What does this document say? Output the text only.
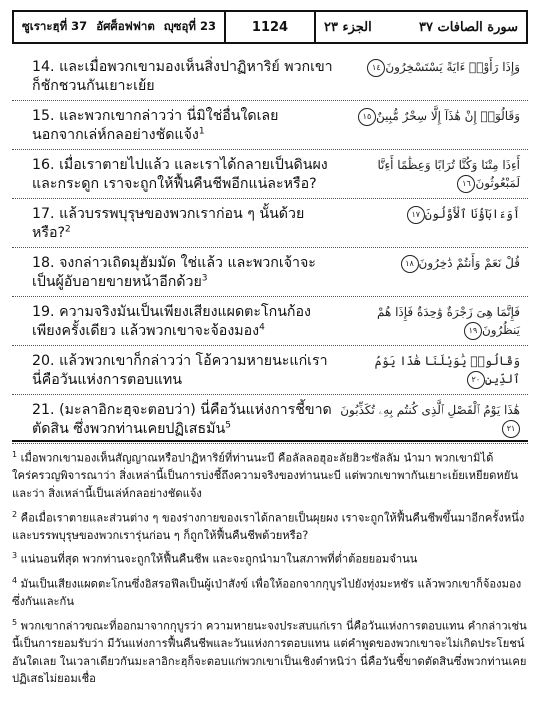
ซูเราะฮฺที่ 37 อัศศ็อฟฟาต ญุซอุที่ 23	1124	سورة الصافات ٣٧
الجزء ٢٣
14. และเมื่อพวกเขามองเห็นสิ่งปาฏิหาริย์ พวกเขาก็ชักชวนกันเยาะเย้ย
وَإِذَا رَأَوْا۟ ءَايَةً يَسْتَسْخِرُونَ١٤
15. และพวกเขากล่าวว่า นี่มิใช่อื่นใดเลย นอกจากเล่ห์กลอย่างชัดแจ้ง$^1$
وَقَالُوٓا۟ إِنْ هَٰذَآ إِلَّا سِحْرٌ مُّبِينٌ١٥
16. เมื่อเราตายไปแล้ว และเราได้กลายเป็นดินผงและกระดูก เราจะถูกให้ฟื้นคืนชีพอีกแน่ละหรือ?
أَءِذَا مِتْنَا وَكُنَّا تُرَابًا وَعِظَٰمًا أَءِنَّا لَمَبْعُوثُونَ١٦
17. แล้วบรรพบุรุษของพวกเราก่อน ๆ นั้นด้วยหรือ?$^2$
أَوَءَابَآؤُنَا ٱلْأَوَّلُونَ١٧
18. จงกล่าวเถิดมุฮัมมัด ใช่แล้ว และพวกเจ้าจะเป็นผู้อับอายขายหน้าอีกด้วย$^3$
قُلْ نَعَمْ وَأَنتُمْ دَٰخِرُونَ١٨
19. ความจริงมันเป็นเพียงเสียงแผดตะโกนก้องเพียงครั้งเดียว แล้วพวกเขาจะจ้องมอง$^4$
فَإِنَّمَا هِىَ زَجْرَةٌ وَٰحِدَةٌ فَإِذَا هُمْ يَنظُرُونَ١٩
20. แล้วพวกเขาก็กล่าวว่า โอ้ความหายนะแก่เรา นี่คือวันแห่งการตอบแทน
وَقَالُوا۟ يَٰوَيْلَنَا هَٰذَا يَوْمُ ٱلدِّينِ٢٠
21. (มะลาอิกะฮฺจะตอบว่า) นี่คือวันแห่งการชี้ขาดตัดสิน ซึ่งพวกท่านเคยปฏิเสธมัน$^5$
هَٰذَا يَوْمُ ٱلْفَصْلِ ٱلَّذِى كُنتُم بِهِۦ تُكَذِّبُونَ٢١

$^1$ เมื่อพวกเขามองเห็นสัญญาณหรือปาฏิหาริย์ที่ท่านนะบี คือลัลลอฮุอะลัยฮิวะซัลลัม นำมา พวกเขามิได้ใคร่ครวญพิจารณาว่า สิ่งเหล่านี้เป็นการบ่งชี้ถึงความจริงของท่านนะบี แต่พวกเขาพากันเยาะเย้ยเหยียดหยันและว่า สิ่งเหล่านี้เป็นเล่ห์กลอย่างชัดแจ้ง

$^2$ คือเมื่อเราตายและส่วนต่าง ๆ ของร่างกายของเราได้กลายเป็นผุยผง เราจะถูกให้ฟื้นคืนชีพขึ้นมาอีกครั้งหนึ่ง และบรรพบุรุษของพวกเรารุ่นก่อน ๆ ก็ถูกให้ฟื้นคืนชีพด้วยหรือ?

$^3$ แน่นอนที่สุด พวกท่านจะถูกให้ฟื้นคืนชีพ และจะถูกนำมาในสภาพที่ต่ำต้อยยอมจำนน

$^4$ มันเป็นเสียงแผดตะโกนซึ่งอิสรอฟีลเป็นผู้เป่าสังข์ เพื่อให้ออกจากกุบูรไปยังทุ่งมะหชัร แล้วพวกเขาก็จ้องมองซึ่งกันและกัน

$^5$ พวกเขากล่าวขณะที่ออกมาจากกุบูรว่า ความหายนะจงประสบแก่เรา นี่คือวันแห่งการตอบแทน คำกล่าวเช่นนี้เป็นการยอมรับว่า มีวันแห่งการฟื้นคืนชีพและวันแห่งการตอบแทน แต่คำพูดของพวกเขาจะไม่เกิดประโยชน์อันใดเลย ในเวลาเดียวกันมะลาอิกะฮฺก็จะตอบแก่พวกเขาเป็นเชิงตำหนิว่า นี่คือวันชี้ขาดตัดสินซึ่งพวกท่านเคยปฏิเสธไม่ยอมเชื่อ
